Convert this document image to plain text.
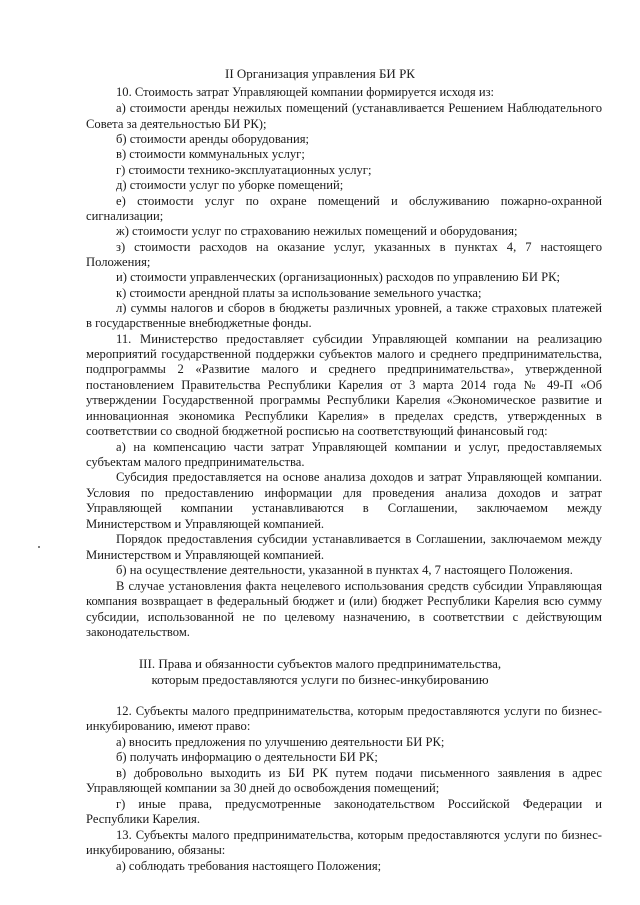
II Организация управления БИ РК
10. Стоимость затрат Управляющей компании формируется исходя из:
а) стоимости аренды нежилых помещений (устанавливается Решением Наблюдательного
Совета за деятельностью БИ РК);
б) стоимости аренды оборудования;
в) стоимости коммунальных услуг;
г) стоимости технико-эксплуатационных услуг;
д) стоимости услуг по уборке помещений;
е) стоимости услуг по охране помещений и обслуживанию пожарно-охранной
сигнализации;
ж) стоимости услуг по страхованию нежилых помещений и оборудования;
з) стоимости расходов на оказание услуг, указанных в пунктах 4, 7 настоящего
Положения;
и) стоимости управленческих (организационных) расходов по управлению БИ РК;
к) стоимости арендной платы за использование земельного участка;
л) суммы налогов и сборов в бюджеты различных уровней, а также страховых платежей
в государственные внебюджетные фонды.
11. Министерство предоставляет субсидии Управляющей компании на реализацию
мероприятий государственной поддержки субъектов малого и среднего предпринимательства,
подпрограммы 2 «Развитие малого и среднего предпринимательства», утвержденной
постановлением Правительства Республики Карелия от 3 марта 2014 года № 49-П «Об
утверждении Государственной программы Республики Карелия «Экономическое развитие и
инновационная экономика Республики Карелия» в пределах средств, утвержденных в
соответствии со сводной бюджетной росписью на соответствующий финансовый год:
а) на компенсацию части затрат Управляющей компании и услуг, предоставляемых
субъектам малого предпринимательства.
Субсидия предоставляется на основе анализа доходов и затрат Управляющей компании.
Условия по предоставлению информации для проведения анализа доходов и затрат
Управляющей компании устанавливаются в Соглашении, заключаемом между
Министерством и Управляющей компанией.
Порядок предоставления субсидии устанавливается в Соглашении, заключаемом между
Министерством и Управляющей компанией.
б) на осуществление деятельности, указанной в пунктах 4, 7 настоящего Положения.
В случае установления факта нецелевого использования средств субсидии Управляющая
компания возвращает в федеральный бюджет и (или) бюджет Республики Карелия всю сумму
субсидии, использованной не по целевому назначению, в соответствии с действующим
законодательством.
III. Права и обязанности субъектов малого предпринимательства,
которым предоставляются услуги по бизнес-инкубированию
12. Субъекты малого предпринимательства, которым предоставляются услуги по бизнес-
инкубированию, имеют право:
а) вносить предложения по улучшению деятельности БИ РК;
б) получать информацию о деятельности БИ РК;
в) добровольно выходить из БИ РК путем подачи письменного заявления в адрес
Управляющей компании за 30 дней до освобождения помещений;
г) иные права, предусмотренные законодательством Российской Федерации и
Республики Карелия.
13. Субъекты малого предпринимательства, которым предоставляются услуги по бизнес-
инкубированию, обязаны:
а) соблюдать требования настоящего Положения;
